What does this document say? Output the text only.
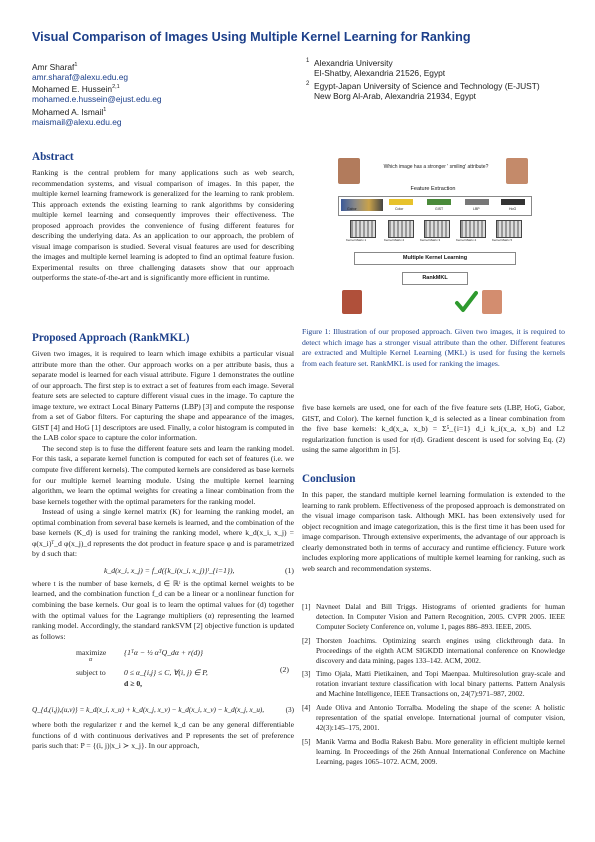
Visual Comparison of Images Using Multiple Kernel Learning for Ranking
Amr Sharaf$^1$
amr.sharaf@alexu.edu.eg
Mohamed E. Hussein$^{2,1}$
mohamed.e.hussein@ejust.edu.eg
Mohamed A. Ismail$^1$
maismail@alexu.edu.eg
1 Alexandria University
El-Shatby, Alexandria 21526, Egypt
2 Egypt-Japan University of Science and Technology (E-JUST)
New Borg Al-Arab, Alexandria 21934, Egypt
Abstract

Ranking is the central problem for many applications such as web search, recommendation systems, and visual comparison of images. In this paper, the multiple kernel learning framework is generalized for the learning to rank problem. This approach extends the existing learning to rank algorithms by considering multiple kernel learning and consequently improves their effectiveness. The proposed approach provides the convenience of fusing different features for describing the underlying data. As an application to our approach, the problem of visual image comparison is studied. Several visual features are used for describing the images and multiple kernel learning is adopted to find an optimal feature fusion. Experimental results on three challenging datasets show that our approach outperforms the state-of-the-art and is significantly more efficient in runtime.

Proposed Approach (RankMKL)

Given two images, it is required to learn which image exhibits a particular visual attribute more than the other. Our approach works on a per attribute basis, thus a separate model is learned for each visual attribute. Figure 1 demonstrates the outline of our approach. The first step is to extract a set of features from each image. Several feature sets are selected to capture different visual cues in the image. To capture the image texture, we extract Local Binary Patterns (LBP) [3] and compute the response from a set of Gabor filters. For capturing the shape and appearance of the images, GIST [4] and HoG [1] descriptors are used. Finally, a color histogram is computed in the LAB color space to capture the color information.

The second step is to fuse the different feature sets and learn the ranking model. For this task, a separate kernel function is computed for each set of features (i.e. we compute five different kernels). The computed kernels are considered as base kernels for our multiple kernel learning module. Using the multiple kernel learning algorithm, we learn the optimal weights for creating a linear combination from the base kernels together with the optimal parameters for the ranking model.

Instead of using a single kernel matrix (K) for learning the ranking model, an optimal combination from several base kernels is learned, and the combination of the base kernels (K_d) is used for training the ranking model, where k_d(x_i, x_j) = φ(x_i)ᵀ_d φ(x_j)_d represents the dot product in feature space φ and is parametrized by d such that:

k_d(x_i, x_j) = f_d({k_i(x_i, x_j)}ᵗ_{i=1}),	(1)

where t is the number of base kernels, d ∈ ℝᵗ is the optimal kernel weights to be learned, and the combination function f_d can be a linear or a nonlinear function for combining the base kernels. Our goal is to learn the optimal values for (d) together with the optimal values for the Lagrange multipliers (α) representing the learned ranking model. Accordingly, the standard rankSVM [2] objective function is updated as follows:

maximize
α
{1ᵀα − ½ αᵀQ_dα + r(d)}
subject to 0 ≤ α_{i,j} ≤ C, ∀(i, j) ∈ P,
d ≥ 0,
(2)
Q_{d,(i,j),(u,v)} = k_d(x_i, x_u) + k_d(x_j, x_v) − k_d(x_i, x_v) − k_d(x_j, x_u),	(3)

where both the regularizer r and the kernel k_d can be any general differentiable functions of d with continuous derivatives and P represents the set of preference paris such that: P = {(i, j)|x_i ≻ x_j}. In our approach,

Which image has a stronger ' smiling' attribute?
Feature Extraction
Gabor	Color	GIST	LBP	HoG
Kernel Matrix 1	Kernel Matrix 2	Kernel Matrix 3	Kernel Matrix 4	Kernel Matrix 5
Multiple Kernel Learning
RankMKL

Figure 1: Illustration of our proposed approach. Given two images, it is required to detect which image has a stronger visual attribute than the other. Different features are extracted and Multiple Kernel Learning (MKL) is used for fusing the kernels from each feature set. RankMKL is used for ranking the images.

five base kernels are used, one for each of the five feature sets (LBP, HoG, Gabor, GIST, and Color). The kernel function k_d is selected as a linear combination from the five base kernels: k_d(x_a, x_b) = Σ⁵_{i=1} d_i k_i(x_a, x_b) and L2 regularization function is used for r(d). Gradient descent is used for solving Eq. (2) using the same algorithm in [5].

Conclusion

In this paper, the standard multiple kernel learning formulation is extended to the learning to rank problem. Effectiveness of the proposed approach is demonstrated on the visual image comparison task. Although MKL has been extensively used for object recognition and image categorization, this is the first time it has been used for image comparison. Through extensive experiments, the advantage of our approach is clearly demonstrated both in terms of accuracy and runtime efficiency. Future work includes exploring more applications of multiple kernel learning for ranking, such as web search and recommendation systems.

[1] Navneet Dalal and Bill Triggs. Histograms of oriented gradients for human detection. In Computer Vision and Pattern Recognition, 2005. CVPR 2005. IEEE Computer Society Conference on, volume 1, pages 886–893. IEEE, 2005.
[2] Thorsten Joachims. Optimizing search engines using clickthrough data. In Proceedings of the eighth ACM SIGKDD international conference on Knowledge discovery and data mining, pages 133–142. ACM, 2002.
[3] Timo Ojala, Matti Pietikainen, and Topi Maenpaa. Multiresolution gray-scale and rotation invariant texture classification with local binary patterns. Pattern Analysis and Machine Intelligence, IEEE Transactions on, 24(7):971–987, 2002.
[4] Aude Oliva and Antonio Torralba. Modeling the shape of the scene: A holistic representation of the spatial envelope. International journal of computer vision, 42(3):145–175, 2001.
[5] Manik Varma and Bodla Rakesh Babu. More generality in efficient multiple kernel learning. In Proceedings of the 26th Annual International Conference on Machine Learning, pages 1065–1072. ACM, 2009.
